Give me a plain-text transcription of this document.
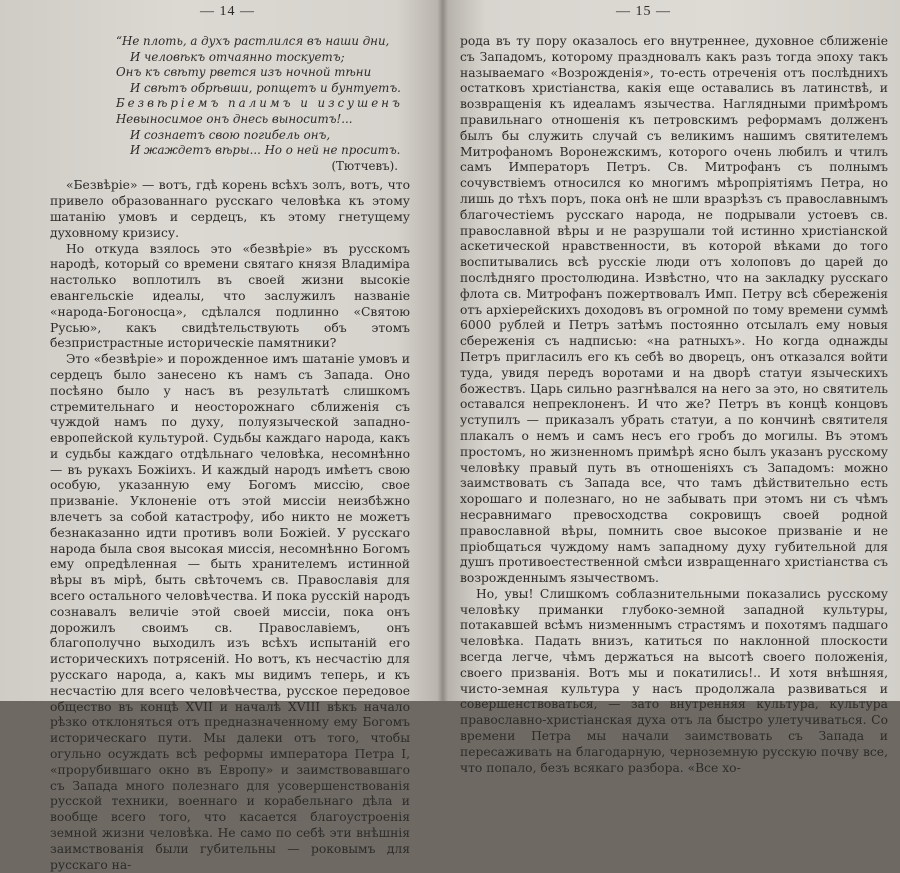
— 14 —
“Не плоть, а духъ растлился въ наши дни,
И человѣкъ отчаянно тоскуетъ;
Онъ къ свѣту рвется изъ ночной тѣни
И свѣтъ обрѣвши, ропщетъ и бунтуетъ.
Безвѣріемъ палимъ и изсушенъ
Невыносимое онъ днесь выноситъ!...
И сознаетъ свою погибель онъ,
И жаждетъ вѣры... Но о ней не проситъ.
(Тютчевъ).

«Безвѣріе» — вотъ, гдѣ корень всѣхъ золъ, вотъ, что привело образованнаго русскаго человѣка къ этому шатанію умовъ и сердецъ, къ этому гнетущему духовному кризису.

Но откуда взялось это «безвѣріе» въ русскомъ народѣ, который со времени святаго князя Владиміра настолько воплотилъ въ своей жизни высокіе евангельскіе идеалы, что заслужилъ названіе «народа-Богоносца», сдѣлался подлинно «Святою Русью», какъ свидѣтельствують объ этомъ безпристрастные историческіе памятники?

Это «безвѣріе» и порожденное имъ шатаніе умовъ и сердецъ было занесено къ намъ съ Запада. Оно посѣяно было у насъ въ результатѣ слишкомъ стремительнаго и неосторожнаго сближенія съ чуждой намъ по духу, полуязыческой западно-европейской культурой. Судьбы каждаго народа, какъ и судьбы каждаго отдѣльнаго человѣка, несомнѣнно — въ рукахъ Божіихъ. И каждый народъ имѣетъ свою особую, указанную ему Богомъ миссію, свое призваніе. Уклоненіе отъ этой миссіи неизбѣжно влечетъ за собой катастрофу, ибо никто не можетъ безнаказанно идти противъ воли Божіей. У русскаго народа была своя высокая миссія, несомнѣнно Богомъ ему опредѣленная — быть хранителемъ истинной вѣры въ мірѣ, быть свѣточемъ св. Православія для всего остального человѣчества. И пока русскій народъ сознавалъ величіе этой своей миссіи, пока онъ дорожилъ своимъ св. Православіемъ, онъ благополучно выходилъ изъ всѣхъ испытаній его историческихъ потрясеній. Но вотъ, къ несчастію для русскаго народа, а, какъ мы видимъ теперь, и къ несчастію для всего человѣчества, русское передовое общество въ концѣ XVII и началѣ XVIII вѣкъ начало рѣзко отклоняться отъ предназначенному ему Богомъ историческаго пути. Мы далеки отъ того, чтобы огульно осуждать всѣ реформы императора Петра I, «прорубившаго окно въ Европу» и заимствовавшаго съ Запада много полезнаго для усовершенствованія русской техники, военнаго и корабельнаго дѣла и вообще всего того, что касается благоустроенія земной жизни человѣка. Не само по себѣ эти внѣшнія заимствованія были губительны — роковымъ для русскаго на-

— 15 —

рода въ ту пору оказалось его внутреннее, духовное сближеніе съ Западомъ, которому праздновалъ какъ разъ тогда эпоху такъ называемаго «Возрожденія», то-есть отреченія отъ послѣднихъ остатковъ христіанства, какія еще оставались въ латинствѣ, и возвращенія къ идеаламъ язычества. Наглядными примѣромъ правильнаго отношенія къ петровскимъ реформамъ долженъ былъ бы служить случай съ великимъ нашимъ святителемъ Митрофаномъ Воронежскимъ, которого очень любилъ и чтилъ самъ Императоръ Петръ. Св. Митрофанъ съ полнымъ сочувствіемъ относился ко многимъ мѣропріятіямъ Петра, но лишь до тѣхъ поръ, пока онѣ не шли вразрѣзъ съ православнымъ благочестіемъ русскаго народа, не подрывали устоевъ св. православной вѣры и не разрушали той истинно христіанской аскетической нравственности, въ которой вѣками до того воспитывались всѣ русскіе люди отъ холоповъ до царей до послѣдняго простолюдина. Извѣстно, что на закладку русскаго флота св. Митрофанъ пожертвовалъ Имп. Петру всѣ сбереженія отъ архіерейскихъ доходовъ въ огромной по тому времени суммѣ 6000 рублей и Петръ затѣмъ постоянно отсылалъ ему новыя сбереженія съ надписью: «на ратныхъ». Но когда однажды Петръ пригласилъ его къ себѣ во дворецъ, онъ отказался войти туда, увидя передъ воротами и на дворѣ статуи языческихъ божествъ. Царь сильно разгнѣвался на него за это, но святитель оставался непреклоненъ. И что же? Петръ въ концѣ концовъ уступилъ — приказалъ убрать статуи, а по кончинѣ святителя плакалъ о немъ и самъ несъ его гробъ до могилы. Въ этомъ простомъ, но жизненномъ примѣрѣ ясно былъ указанъ русскому человѣку правый путь въ отношеніяхъ съ Западомъ: можно заимствовать съ Запада все, что тамъ дѣйствительно есть хорошаго и полезнаго, но не забывать при этомъ ни съ чѣмъ несравнимаго превосходства сокровищъ своей родной православной вѣры, помнить свое высокое призваніе и не пріобщаться чуждому намъ западному духу губительной для душъ противоестественной смѣси извращеннаго христіанства съ возрожденнымъ язычествомъ.

Но, увы! Слишкомъ соблазнительными показались русскому человѣку приманки глубоко-земной западной культуры, потакавшей всѣмъ низменнымъ страстямъ и похотямъ падшаго человѣка. Падать внизъ, катиться по наклонной плоскости всегда легче, чѣмъ держаться на высотѣ своего положенія, своего призванія. Вотъ мы и покатились!.. И хотя внѣшняя, чисто-земная культура у насъ продолжала развиваться и совершенствоваться, — зато внутренняя культура, культура православно-христіанская духа отъ ла быстро улетучиваться. Со времени Петра мы начали заимствовать съ Запада и пересаживать на благодарную, черноземную русскую почву все, что попало, безъ всякаго разбора. «Все хо-
